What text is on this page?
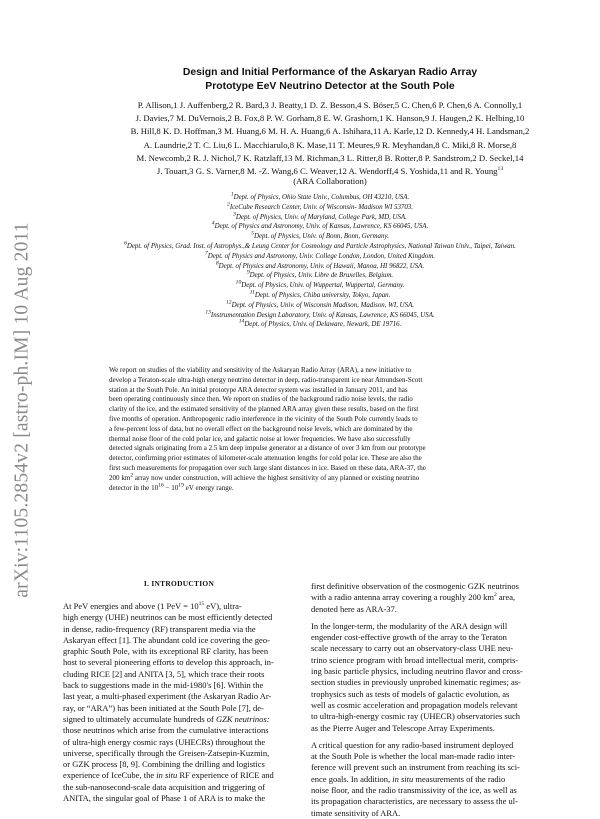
arXiv:1105.2854v2 [astro-ph.IM] 10 Aug 2011
Design and Initial Performance of the Askaryan Radio Array
Prototype EeV Neutrino Detector at the South Pole
P. Allison,1 J. Auffenberg,2 R. Bard,3 J. Beatty,1 D. Z. Besson,4 S. Böser,5 C. Chen,6 P. Chen,6 A. Connolly,1
J. Davies,7 M. DuVernois,2 B. Fox,8 P. W. Gorham,8 E. W. Grashorn,1 K. Hanson,9 J. Haugen,2 K. Helbing,10
B. Hill,8 K. D. Hoffman,3 M. Huang,6 M. H. A. Huang,6 A. Ishihara,11 A. Karle,12 D. Kennedy,4 H. Landsman,2
A. Laundrie,2 T. C. Liu,6 L. Macchiarulo,8 K. Mase,11 T. Meures,9 R. Meyhandan,8 C. Miki,8 R. Morse,8
M. Newcomb,2 R. J. Nichol,7 K. Ratzlaff,13 M. Richman,3 L. Ritter,8 B. Rotter,8 P. Sandstrom,2 D. Seckel,14
J. Touart,3 G. S. Varner,8 M. -Z. Wang,6 C. Weaver,12 A. Wendorff,4 S. Yoshida,11 and R. Young$^{13}$
(ARA Collaboration)
$^1$Dept. of Physics, Ohio State Univ., Columbus, OH 43210, USA.
$^2$IceCube Research Center, Univ. of Wisconsin- Madison WI 53703.
$^3$Dept. of Physics, Univ. of Maryland, College Park, MD, USA.
$^4$Dept. of Physics and Astronomy, Univ. of Kansas, Lawrence, KS 66045, USA.
$^5$Dept. of Physics, Univ. of Bonn, Bonn, Germany.
$^6$Dept. of Physics, Grad. Inst. of Astrophys.,& Leung Center for Cosmology and Particle Astrophysics, National Taiwan Univ., Taipei, Taiwan.
$^7$Dept. of Physics and Astronomy, Univ. College London, London, United Kingdom.
$^8$Dept. of Physics and Astronomy, Univ. of Hawaii, Manoa, HI 96822, USA.
$^9$Dept. of Physics, Univ. Libre de Bruxelles, Belgium.
$^{10}$Dept. of Physics, Univ. of Wuppertal, Wuppertal, Germany.
$^{11}$Dept. of Physics, Chiba university, Tokyo, Japan.
$^{12}$Dept. of Physics, Univ. of Wisconsin Madison, Madison, WI, USA.
$^{13}$Instrumentation Design Laboratory, Univ. of Kansas, Lawrence, KS 66045, USA.
$^{14}$Dept. of Physics, Univ. of Delaware, Newark, DE 19716.
We report on studies of the viability and sensitivity of the Askaryan Radio Array (ARA), a new initiative to
develop a Teraton-scale ultra-high energy neutrino detector in deep, radio-transparent ice near Amundsen-Scott
station at the South Pole. An initial prototype ARA detector system was installed in January 2011, and has
been operating continuously since then. We report on studies of the background radio noise levels, the radio
clarity of the ice, and the estimated sensitivity of the planned ARA array given these results, based on the first
five months of operation. Anthropogenic radio interference in the vicinity of the South Pole currently leads to
a few-percent loss of data, but no overall effect on the background noise levels, which are dominated by the
thermal noise floor of the cold polar ice, and galactic noise at lower frequencies. We have also successfully
detected signals originating from a 2.5 km deep impulse generator at a distance of over 3 km from our prototype
detector, confirming prior estimates of kilometer-scale attenuation lengths for cold polar ice. These are also the
first such measurements for propagation over such large slant distances in ice. Based on these data, ARA-37, the
200 $km^2$ array now under construction, will achieve the highest sensitivity of any planned or existing neutrino
detector in the $10^{16} - 10^{19}$ eV energy range.
I. INTRODUCTION
At PeV energies and above (1 PeV = $10^{15}$ eV), ultra-
high energy (UHE) neutrinos can be most efficiently detected
in dense, radio-frequency (RF) transparent media via the
Askaryan effect [1]. The abundant cold ice covering the geo-
graphic South Pole, with its exceptional RF clarity, has been
host to several pioneering efforts to develop this approach, in-
cluding RICE [2] and ANITA [3, 5], which trace their roots
back to suggestions made in the mid-1980's [6]. Within the
last year, a multi-phased experiment (the Askaryan Radio Ar-
ray, or “ARA”) has been initiated at the South Pole [7], de-
signed to ultimately accumulate hundreds of GZK neutrinos:
those neutrinos which arise from the cumulative interactions
of ultra-high energy cosmic rays (UHECRs) throughout the
universe, specifically through the Greisen-Zatsepin-Kuzmin,
or GZK process [8, 9]. Combining the drilling and logistics
experience of IceCube, the in situ RF experience of RICE and
the sub-nanosecond-scale data acquisition and triggering of
ANITA, the singular goal of Phase 1 of ARA is to make the
first definitive observation of the cosmogenic GZK neutrinos
with a radio antenna array covering a roughly 200 $km^2$ area,
denoted here as ARA-37.
In the longer-term, the modularity of the ARA design will
engender cost-effective growth of the array to the Teraton
scale necessary to carry out an observatory-class UHE neu-
trino science program with broad intellectual merit, compris-
ing basic particle physics, including neutrino flavor and cross-
section studies in previously unprobed kinematic regimes; as-
trophysics such as tests of models of galactic evolution, as
well as cosmic acceleration and propagation models relevant
to ultra-high-energy cosmic ray (UHECR) observatories such
as the Pierre Auger and Telescope Array Experiments.
A critical question for any radio-based instrument deployed
at the South Pole is whether the local man-made radio inter-
ference will prevent such an instrument from reaching its sci-
ence goals. In addition, in situ measurements of the radio
noise floor, and the radio transmissivity of the ice, as well as
its propagation characteristics, are necessary to assess the ul-
timate sensitivity of ARA.
